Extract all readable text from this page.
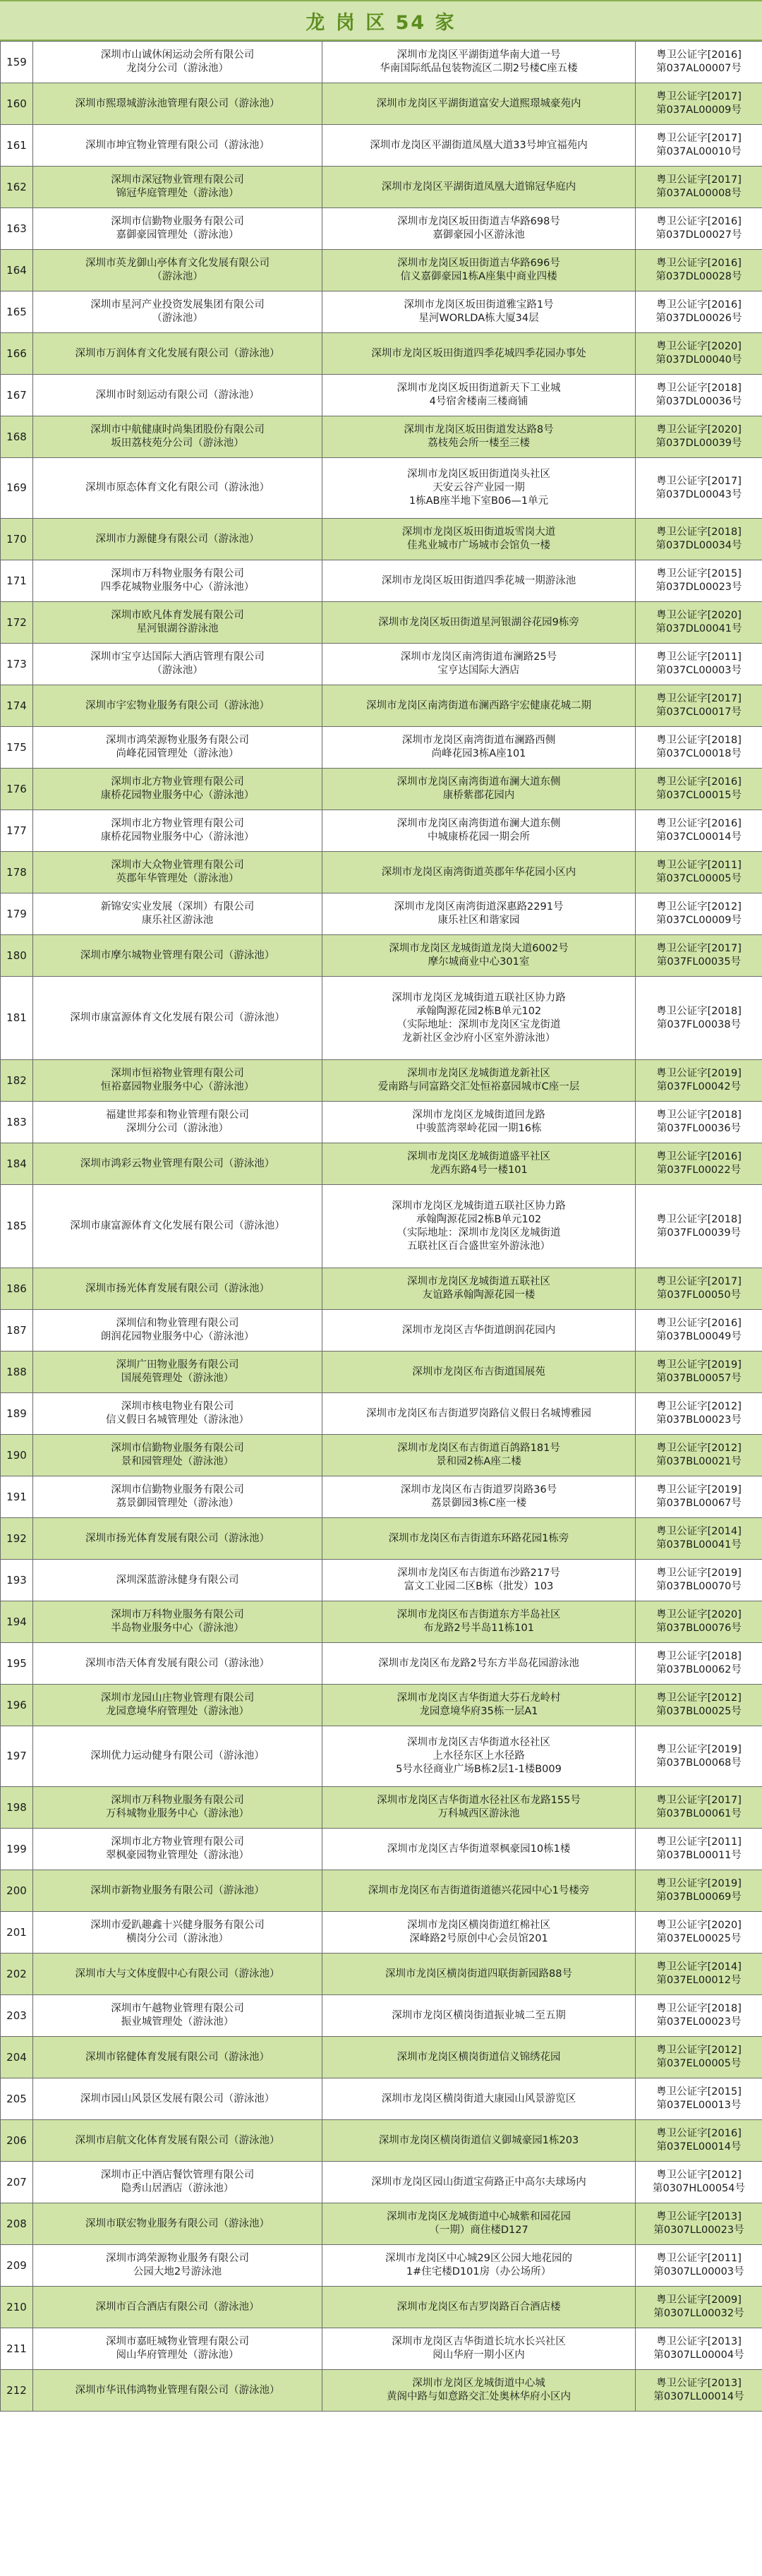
龙 岗 区 54 家
159	深圳市山诚休闲运动会所有限公司
龙岗分公司（游泳池）	深圳市龙岗区平湖街道华南大道一号
华南国际纸品包装物流区二期2号楼C座五楼	粤卫公证字[2016]
第037AL00007号
160	深圳市熙璟城游泳池管理有限公司（游泳池）	深圳市龙岗区平湖街道富安大道熙璟城豪苑内	粤卫公证字[2017]
第037AL00009号
161	深圳市坤宜物业管理有限公司（游泳池）	深圳市龙岗区平湖街道凤凰大道33号坤宜福苑内	粤卫公证字[2017]
第037AL00010号
162	深圳市深冠物业管理有限公司
锦冠华庭管理处（游泳池）	深圳市龙岗区平湖街道凤凰大道锦冠华庭内	粤卫公证字[2017]
第037AL00008号
163	深圳市信勤物业服务有限公司
嘉御豪园管理处（游泳池）	深圳市龙岗区坂田街道吉华路698号
嘉御豪园小区游泳池	粤卫公证字[2016]
第037DL00027号
164	深圳市英龙御山亭体育文化发展有限公司
（游泳池）	深圳市龙岗区坂田街道吉华路696号
信义嘉御豪园1栋A座集中商业四楼	粤卫公证字[2016]
第037DL00028号
165	深圳市星河产业投资发展集团有限公司
（游泳池）	深圳市龙岗区坂田街道雅宝路1号
星河WORLDA栋大厦34层	粤卫公证字[2016]
第037DL00026号
166	深圳市万润体育文化发展有限公司（游泳池）	深圳市龙岗区坂田街道四季花城四季花园办事处	粤卫公证字[2020]
第037DL00040号
167	深圳市时刻运动有限公司（游泳池）	深圳市龙岗区坂田街道新天下工业城
4号宿舍楼南三楼商铺	粤卫公证字[2018]
第037DL00036号
168	深圳市中航健康时尚集团股份有限公司
坂田荔枝苑分公司（游泳池）	深圳市龙岗区坂田街道发达路8号
荔枝苑会所一楼至三楼	粤卫公证字[2020]
第037DL00039号
169	深圳市原态体育文化有限公司（游泳池）	深圳市龙岗区坂田街道岗头社区
天安云谷产业园一期
1栋AB座半地下室B06—1单元	粤卫公证字[2017]
第037DL00043号
170	深圳市力源健身有限公司（游泳池）	深圳市龙岗区坂田街道坂雪岗大道
佳兆业城市广场城市会馆负一楼	粤卫公证字[2018]
第037DL00034号
171	深圳市万科物业服务有限公司
四季花城物业服务中心（游泳池）	深圳市龙岗区坂田街道四季花城一期游泳池	粤卫公证字[2015]
第037DL00023号
172	深圳市欧凡体育发展有限公司
星河银湖谷游泳池	深圳市龙岗区坂田街道星河银湖谷花园9栋旁	粤卫公证字[2020]
第037DL00041号
173	深圳市宝亨达国际大酒店管理有限公司
（游泳池）	深圳市龙岗区南湾街道布澜路25号
宝亨达国际大酒店	粤卫公证字[2011]
第037CL00003号
174	深圳市宇宏物业服务有限公司（游泳池）	深圳市龙岗区南湾街道布澜西路宇宏健康花城二期	粤卫公证字[2017]
第037CL00017号
175	深圳市鸿荣源物业服务有限公司
尚峰花园管理处（游泳池）	深圳市龙岗区南湾街道布澜路西侧
尚峰花园3栋A座101	粤卫公证字[2018]
第037CL00018号
176	深圳市北方物业管理有限公司
康桥花园物业服务中心（游泳池）	深圳市龙岗区南湾街道布澜大道东侧
康桥紫郡花园内	粤卫公证字[2016]
第037CL00015号
177	深圳市北方物业管理有限公司
康桥花园物业服务中心（游泳池）	深圳市龙岗区南湾街道布澜大道东侧
中城康桥花园一期会所	粤卫公证字[2016]
第037CL00014号
178	深圳市大众物业管理有限公司
英郡年华管理处（游泳池）	深圳市龙岗区南湾街道英郡年华花园小区内	粤卫公证字[2011]
第037CL00005号
179	新锦安实业发展（深圳）有限公司
康乐社区游泳池	深圳市龙岗区南湾街道深惠路2291号
康乐社区和谐家园	粤卫公证字[2012]
第037CL00009号
180	深圳市摩尔城物业管理有限公司（游泳池）	深圳市龙岗区龙城街道龙岗大道6002号
摩尔城商业中心301室	粤卫公证字[2017]
第037FL00035号
181	深圳市康富源体育文化发展有限公司（游泳池）	深圳市龙岗区龙城街道五联社区协力路
承翰陶源花园2栋B单元102
（实际地址：深圳市龙岗区宝龙街道
龙新社区金沙府小区室外游泳池）	粤卫公证字[2018]
第037FL00038号
182	深圳市恒裕物业管理有限公司
恒裕嘉园物业服务中心（游泳池）	深圳市龙岗区龙城街道龙新社区
爱南路与同富路交汇处恒裕嘉园城市C座一层	粤卫公证字[2019]
第037FL00042号
183	福建世邦泰和物业管理有限公司
深圳分公司（游泳池）	深圳市龙岗区龙城街道回龙路
中骏蓝湾翠岭花园一期16栋	粤卫公证字[2018]
第037FL00036号
184	深圳市鸿彩云物业管理有限公司（游泳池）	深圳市龙岗区龙城街道盛平社区
龙西东路4号一楼101	粤卫公证字[2016]
第037FL00022号
185	深圳市康富源体育文化发展有限公司（游泳池）	深圳市龙岗区龙城街道五联社区协力路
承翰陶源花园2栋B单元102
（实际地址：深圳市龙岗区龙城街道
五联社区百合盛世室外游泳池）	粤卫公证字[2018]
第037FL00039号
186	深圳市扬光体育发展有限公司（游泳池）	深圳市龙岗区龙城街道五联社区
友谊路承翰陶源花园一楼	粤卫公证字[2017]
第037FL00050号
187	深圳信和物业管理有限公司
朗润花园物业服务中心（游泳池）	深圳市龙岗区吉华街道朗润花园内	粤卫公证字[2016]
第037BL00049号
188	深圳广田物业服务有限公司
国展苑管理处（游泳池）	深圳市龙岗区布吉街道国展苑	粤卫公证字[2019]
第037BL00057号
189	深圳市核电物业有限公司
信义假日名城管理处（游泳池）	深圳市龙岗区布吉街道罗岗路信义假日名城博雅园	粤卫公证字[2012]
第037BL00023号
190	深圳市信勤物业服务有限公司
景和园管理处（游泳池）	深圳市龙岗区布吉街道百鸽路181号
景和园2栋A座二楼	粤卫公证字[2012]
第037BL00021号
191	深圳市信勤物业服务有限公司
荔景御园管理处（游泳池）	深圳市龙岗区布吉街道罗岗路36号
荔景御园3栋C座一楼	粤卫公证字[2019]
第037BL00067号
192	深圳市扬光体育发展有限公司（游泳池）	深圳市龙岗区布吉街道东环路花园1栋旁	粤卫公证字[2014]
第037BL00041号
193	深圳深蓝游泳健身有限公司	深圳市龙岗区布吉街道布沙路217号
富文工业园二区B栋（批发）103	粤卫公证字[2019]
第037BL00070号
194	深圳市万科物业服务有限公司
半岛物业服务中心（游泳池）	深圳市龙岗区布吉街道东方半岛社区
布龙路2号半岛11栋101	粤卫公证字[2020]
第037BL00076号
195	深圳市浩天体育发展有限公司（游泳池）	深圳市龙岗区布龙路2号东方半岛花园游泳池	粤卫公证字[2018]
第037BL00062号
196	深圳市龙园山庄物业管理有限公司
龙园意境华府管理处（游泳池）	深圳市龙岗区吉华街道大芬石龙岭村
龙园意境华府35栋一层A1	粤卫公证字[2012]
第037BL00025号
197	深圳优力运动健身有限公司（游泳池）	深圳市龙岗区吉华街道水径社区
上水径东区上水径路
5号水径商业广场B栋2层1-1楼B009	粤卫公证字[2019]
第037BL00068号
198	深圳市万科物业服务有限公司
万科城物业服务中心（游泳池）	深圳市龙岗区吉华街道水径社区布龙路155号
万科城西区游泳池	粤卫公证字[2017]
第037BL00061号
199	深圳市北方物业管理有限公司
翠枫豪园物业管理处（游泳池）	深圳市龙岗区吉华街道翠枫豪园10栋1楼	粤卫公证字[2011]
第037BL00011号
200	深圳市新物业服务有限公司（游泳池）	深圳市龙岗区布吉街道街道德兴花园中心1号楼旁	粤卫公证字[2019]
第037BL00069号
201	深圳市爱趴趣鑫十兴健身服务有限公司
横岗分公司（游泳池）	深圳市龙岗区横岗街道红棉社区
深峰路2号原创中心会员馆201	粤卫公证字[2020]
第037EL00025号
202	深圳市大与文体度假中心有限公司（游泳池）	深圳市龙岗区横岗街道四联街新园路88号	粤卫公证字[2014]
第037EL00012号
203	深圳市午越物业管理有限公司
振业城管理处（游泳池）	深圳市龙岗区横岗街道振业城二至五期	粤卫公证字[2018]
第037EL00023号
204	深圳市铭健体育发展有限公司（游泳池）	深圳市龙岗区横岗街道信义锦绣花园	粤卫公证字[2012]
第037EL00005号
205	深圳市园山风景区发展有限公司（游泳池）	深圳市龙岗区横岗街道大康园山风景游览区	粤卫公证字[2015]
第037EL00013号
206	深圳市启航文化体育发展有限公司（游泳池）	深圳市龙岗区横岗街道信义御城豪园1栋203	粤卫公证字[2016]
第037EL00014号
207	深圳市正中酒店餐饮管理有限公司
隐秀山居酒店（游泳池）	深圳市龙岗区园山街道宝荷路正中高尔夫球场内	粤卫公证字[2012]
第0307HL00054号
208	深圳市联宏物业服务有限公司（游泳池）	深圳市龙岗区龙城街道中心城紫和园花园
（一期）商住楼D127	粤卫公证字[2013]
第0307LL00023号
209	深圳市鸿荣源物业服务有限公司
公园大地2号游泳池	深圳市龙岗区中心城29区公园大地花园的
1#住宅楼D101房（办公场所）	粤卫公证字[2011]
第0307LL00003号
210	深圳市百合酒店有限公司（游泳池）	深圳市龙岗区布吉罗岗路百合酒店楼	粤卫公证字[2009]
第0307LL00032号
211	深圳市嘉旺城物业管理有限公司
阅山华府管理处（游泳池）	深圳市龙岗区吉华街道长坑水长兴社区
阅山华府一期小区内	粤卫公证字[2013]
第0307LL00004号
212	深圳市华讯伟鸿物业管理有限公司（游泳池）	深圳市龙岗区龙城街道中心城
黄阁中路与如意路交汇处奥林华府小区内	粤卫公证字[2013]
第0307LL00014号
